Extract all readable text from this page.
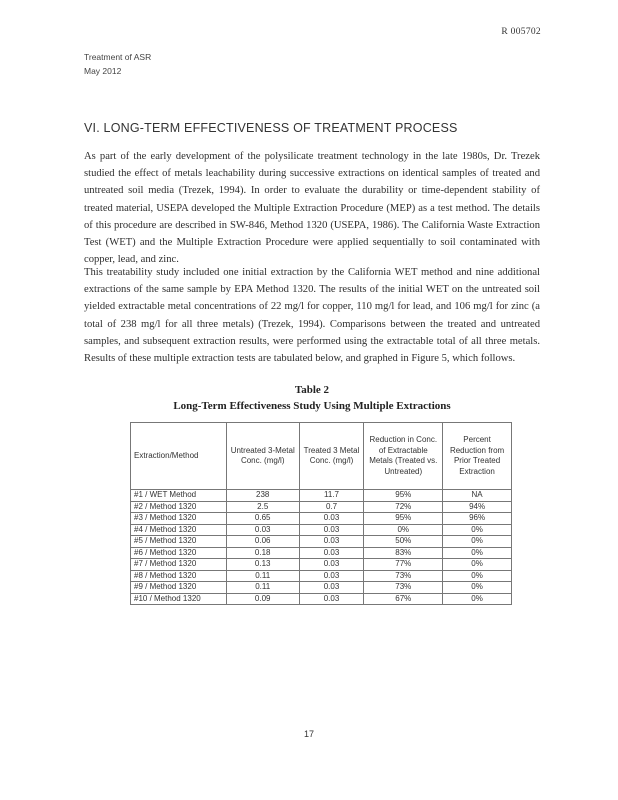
R 005702
Treatment of ASR
May 2012
VI. LONG-TERM EFFECTIVENESS OF TREATMENT PROCESS

As part of the early development of the polysilicate treatment technology in the late 1980s, Dr. Trezek studied the effect of metals leachability during successive extractions on identical samples of treated and untreated soil media (Trezek, 1994). In order to evaluate the durability or time-dependent stability of treated material, USEPA developed the Multiple Extraction Procedure (MEP) as a test method. The details of this procedure are described in SW-846, Method 1320 (USEPA, 1986). The California Waste Extraction Test (WET) and the Multiple Extraction Procedure were applied sequentially to soil contaminated with copper, lead, and zinc.

This treatability study included one initial extraction by the California WET method and nine additional extractions of the same sample by EPA Method 1320. The results of the initial WET on the untreated soil yielded extractable metal concentrations of 22 mg/l for copper, 110 mg/l for lead, and 106 mg/l for zinc (a total of 238 mg/l for all three metals) (Trezek, 1994). Comparisons between the treated and untreated samples, and subsequent extraction results, were performed using the extractable total of all three metals. Results of these multiple extraction tests are tabulated below, and graphed in Figure 5, which follows.

Table 2
Long-Term Effectiveness Study Using Multiple Extractions
Extraction/Method	Untreated 3-Metal Conc. (mg/l)	Treated 3 Metal Conc. (mg/l)	Reduction in Conc. of Extractable Metals (Treated vs. Untreated)	Percent Reduction from Prior Treated Extraction
#1 / WET Method	238	11.7	95%	NA
#2 / Method 1320	2.5	0.7	72%	94%
#3 / Method 1320	0.65	0.03	95%	96%
#4 / Method 1320	0.03	0.03	0%	0%
#5 / Method 1320	0.06	0.03	50%	0%
#6 / Method 1320	0.18	0.03	83%	0%
#7 / Method 1320	0.13	0.03	77%	0%
#8 / Method 1320	0.11	0.03	73%	0%
#9 / Method 1320	0.11	0.03	73%	0%
#10 / Method 1320	0.09	0.03	67%	0%
17
